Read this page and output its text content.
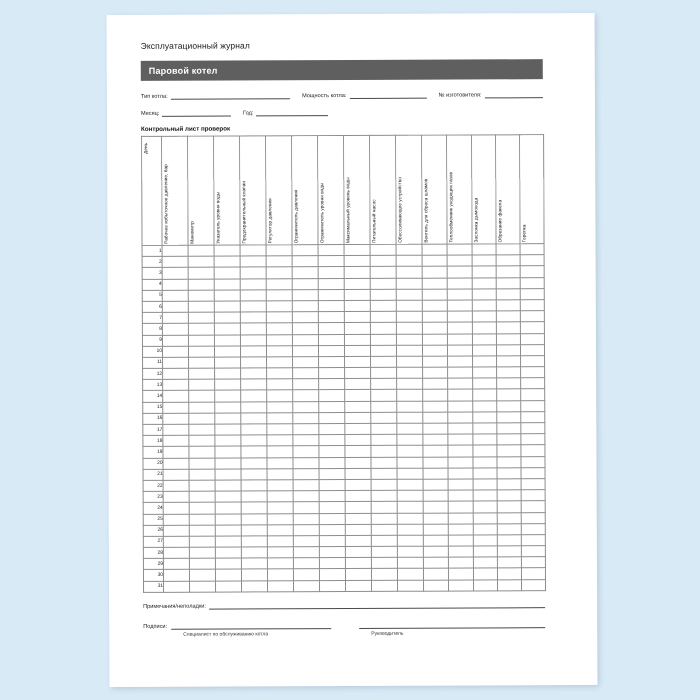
Эксплуатационный журнал
Паровой котел
Тип котла:	Мощность котла:	№ изготовителя:
Месяц:	Год:
Контрольный лист проверок
День	Рабочее избыточное давление, бар	Манометр	Указатель уровня воды	Предохранительный клапан	Регулятор давления	Ограничитель давления	Ограничитель уровня воды	Максимальный уровень воды	Питательный насос	Обессоливающее устройство	Вентиль для сброса шламов	Теплообменник уходящих газов	Заслонка дымохода	Обрезание факела	Горелка

1															
2															
3															
4															
5															
6															
7															
8															
9															
10															
11															
12															
13															
14															
15															
16															
17															
18															
19															
20															
21															
22															
23															
24															
25															
26															
27															
28															
29															
30															
31															
Примечания/неполадки:
Подписи:
Специалист по обслуживанию котла	Руководитель
